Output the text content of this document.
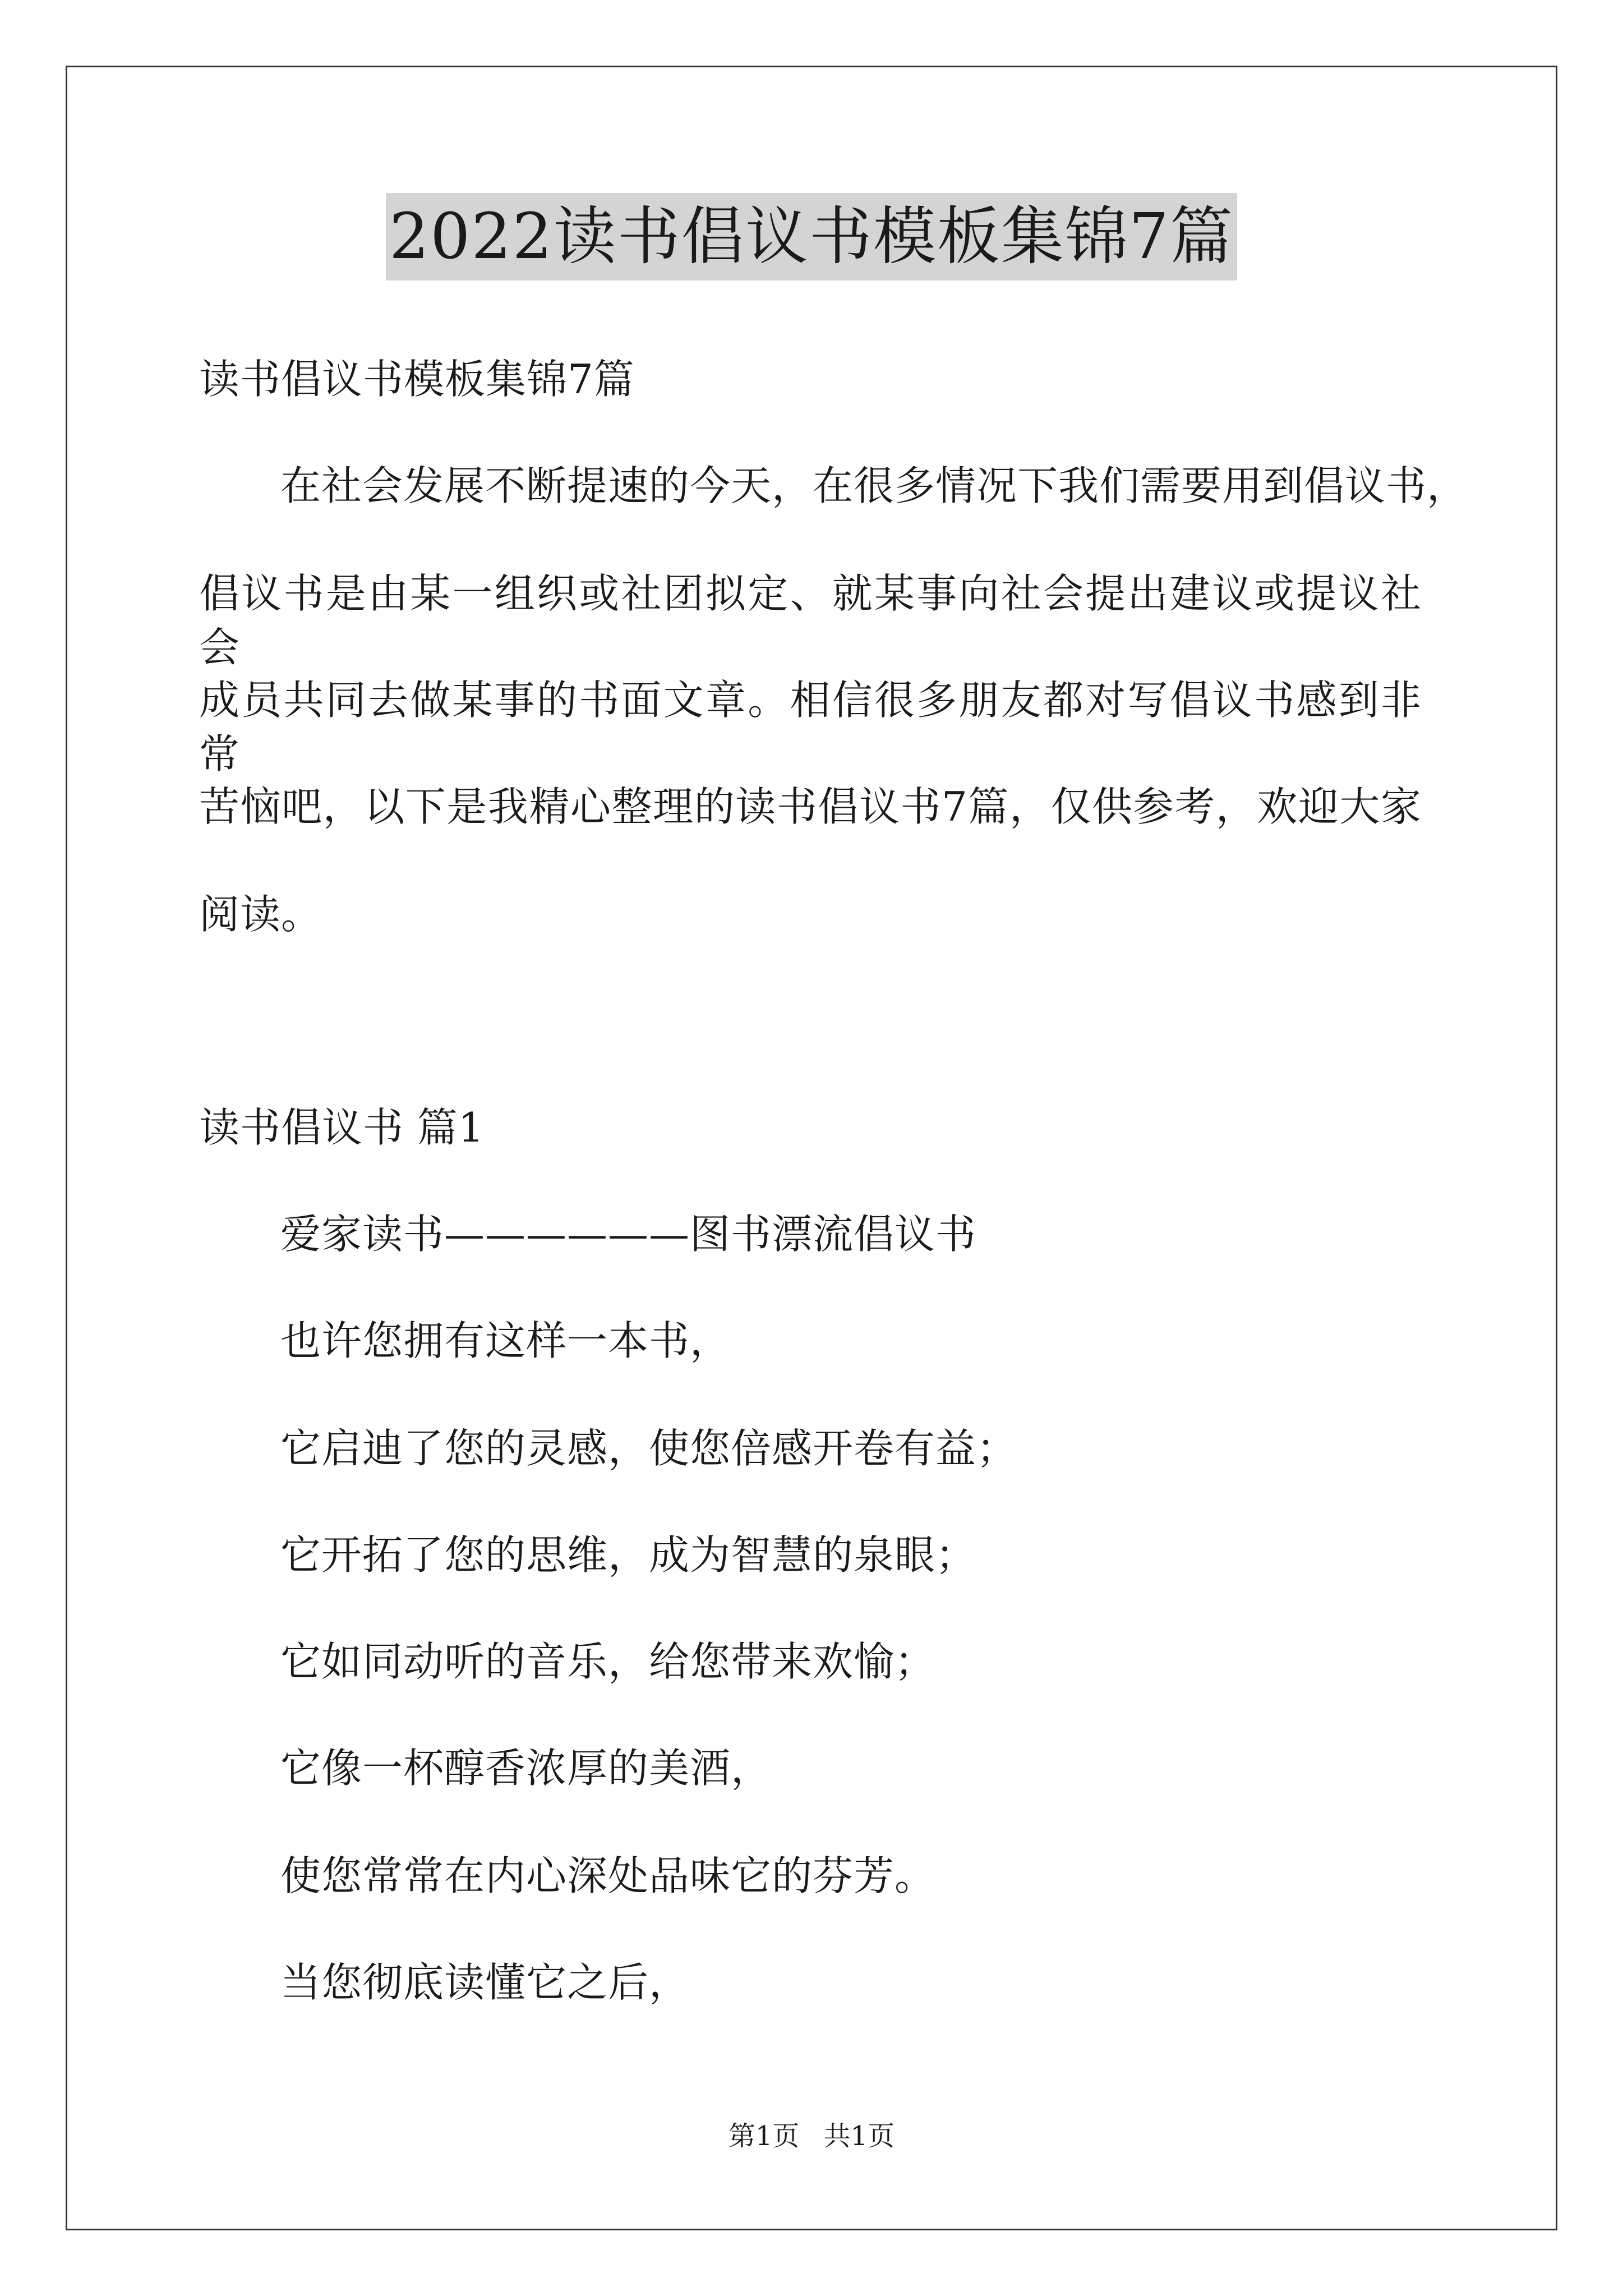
2022读书倡议书模板集锦7篇
读书倡议书模板集锦7篇
在社会发展不断提速的今天，在很多情况下我们需要用到倡议书，
倡议书是由某一组织或社团拟定、就某事向社会提出建议或提议社会
成员共同去做某事的书面文章。相信很多朋友都对写倡议书感到非常
苦恼吧，以下是我精心整理的读书倡议书7篇，仅供参考，欢迎大家
阅读。
读书倡议书 篇1
爱家读书——————图书漂流倡议书
也许您拥有这样一本书，
它启迪了您的灵感，使您倍感开卷有益；
它开拓了您的思维，成为智慧的泉眼；
它如同动听的音乐，给您带来欢愉；
它像一杯醇香浓厚的美酒，
使您常常在内心深处品味它的芬芳。
当您彻底读懂它之后，
第1页 共1页
